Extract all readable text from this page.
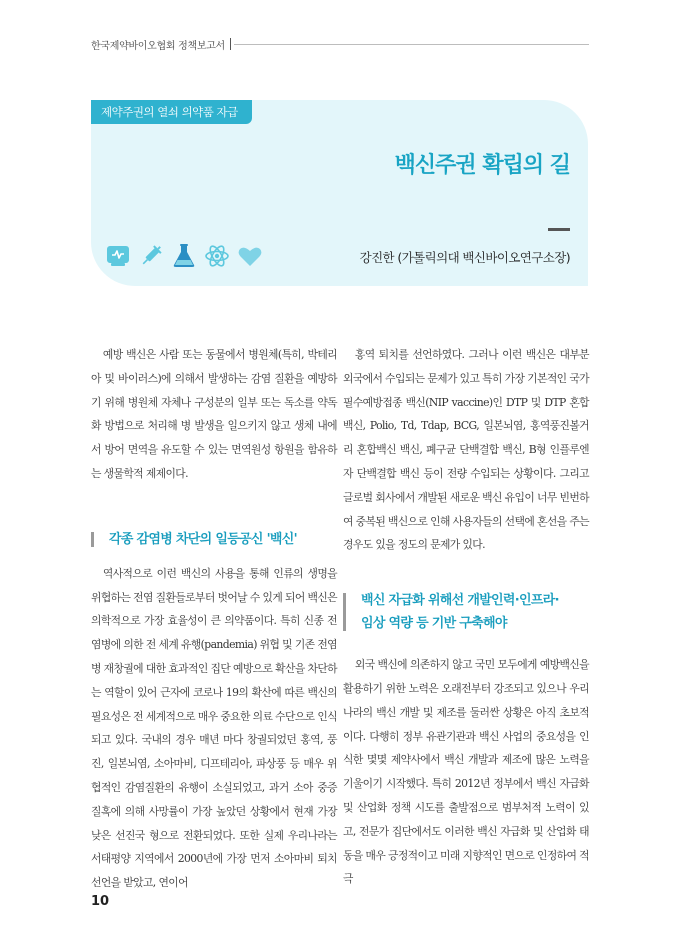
한국제약바이오협회 정책보고서
제약주권의 열쇠 의약품 자급
백신주권 확립의 길
강진한 (가톨릭의대 백신바이오연구소장)

예방 백신은 사람 또는 동물에서 병원체(특히, 박테리아 및 바이러스)에 의해서 발생하는 감염 질환을 예방하기 위해 병원체 자체나 구성분의 일부 또는 독소를 약독화 방법으로 처리해 병 발생을 일으키지 않고 생체 내에서 방어 면역을 유도할 수 있는 면역원성 항원을 함유하는 생물학적 제제이다.

각종 감염병 차단의 일등공신 '백신'

역사적으로 이런 백신의 사용을 통해 인류의 생명을 위협하는 전염 질환들로부터 벗어날 수 있게 되어 백신은 의학적으로 가장 효율성이 큰 의약품이다. 특히 신종 전염병에 의한 전 세계 유행(pandemia) 위협 및 기존 전염병 재창궐에 대한 효과적인 집단 예방으로 확산을 차단하는 역할이 있어 근자에 코로나 19의 확산에 따른 백신의 필요성은 전 세계적으로 매우 중요한 의료 수단으로 인식되고 있다. 국내의 경우 매년 마다 창궐되었던 홍역, 풍진, 일본뇌염, 소아마비, 디프테리아, 파상풍 등 매우 위협적인 감염질환의 유행이 소실되었고, 과거 소아 중증 질혹에 의해 사망률이 가장 높았던 상황에서 현재 가장 낮은 선진국 형으로 전환되었다. 또한 실제 우리나라는 서태평양 지역에서 2000년에 가장 먼저 소아마비 퇴치선언을 받았고, 연이어

홍역 퇴치를 선언하였다. 그러나 이런 백신은 대부분 외국에서 수입되는 문제가 있고 특히 가장 기본적인 국가필수예방접종 백신(NIP vaccine)인 DTP 및 DTP 혼합 백신, Polio, Td, Tdap, BCG, 일본뇌염, 홍역풍진볼거리 혼합백신 백신, 폐구균 단백결합 백신, B형 인플루엔자 단백결합 백신 등이 전량 수입되는 상황이다. 그리고 글로벌 회사에서 개발된 새로운 백신 유입이 너무 빈번하여 중복된 백신으로 인해 사용자들의 선택에 혼선을 주는 경우도 있을 정도의 문제가 있다.

백신 자급화 위해선 개발인력·인프라·
임상 역량 등 기반 구축해야

외국 백신에 의존하지 않고 국민 모두에게 예방백신을 활용하기 위한 노력은 오래전부터 강조되고 있으나 우리나라의 백신 개발 및 제조를 둘러싼 상황은 아직 초보적이다. 다행히 정부 유관기관과 백신 사업의 중요성을 인식한 몇몇 제약사에서 백신 개발과 제조에 많은 노력을 기울이기 시작했다. 특히 2012년 정부에서 백신 자급화 및 산업화 정책 시도를 출발점으로 범부처적 노력이 있고, 전문가 집단에서도 이러한 백신 자급화 및 산업화 태동을 매우 긍정적이고 미래 지향적인 면으로 인정하여 적극

10
